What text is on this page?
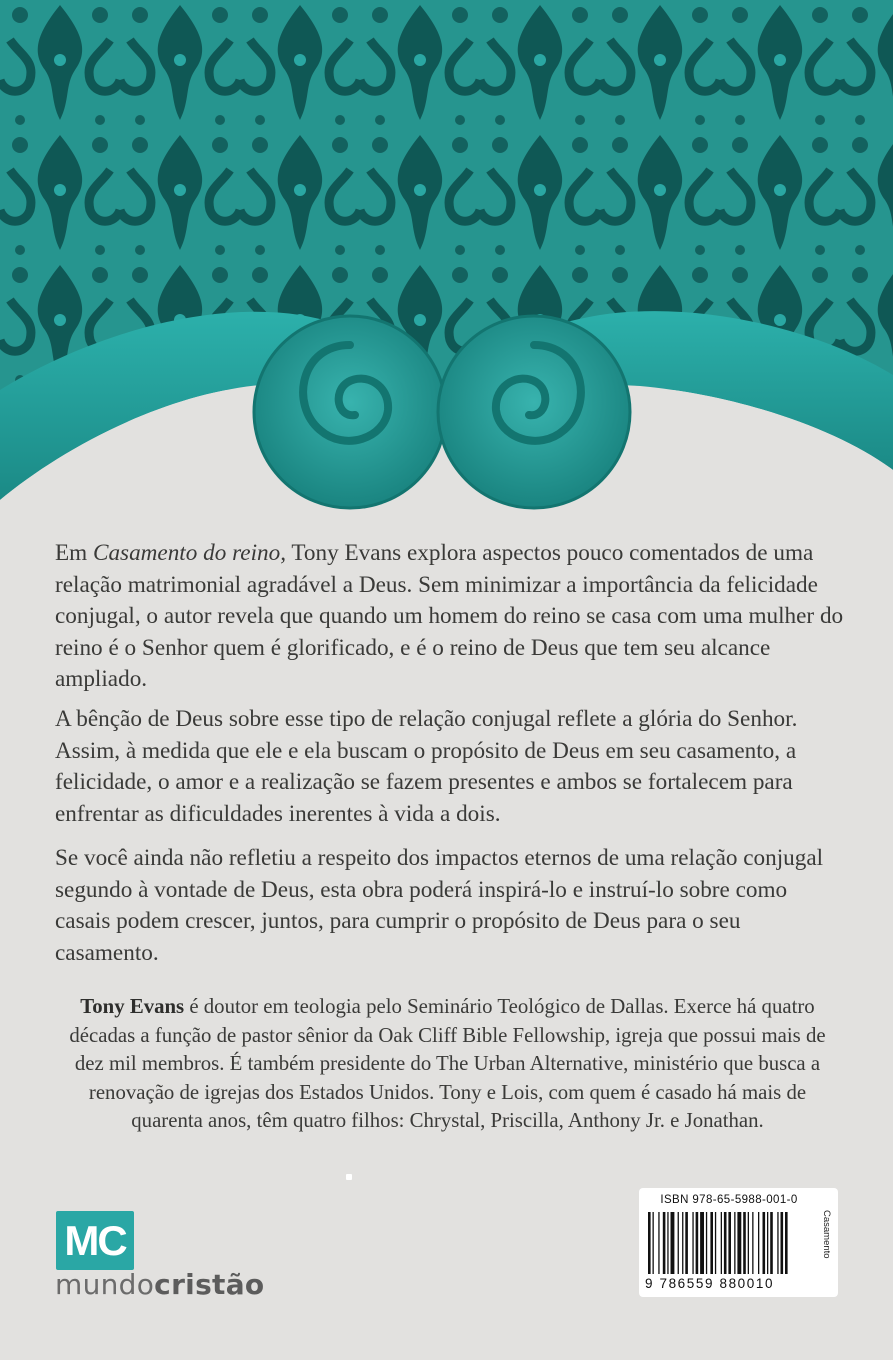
Em Casamento do reino, Tony Evans explora aspectos pouco comentados de uma relação matrimonial agradável a Deus. Sem minimizar a importância da felicidade conjugal, o autor revela que quando um homem do reino se casa com uma mulher do reino é o Senhor quem é glorificado, e é o reino de Deus que tem seu alcance ampliado.

A bênção de Deus sobre esse tipo de relação conjugal reflete a glória do Senhor. Assim, à medida que ele e ela buscam o propósito de Deus em seu casamento, a felicidade, o amor e a realização se fazem presentes e ambos se fortalecem para enfrentar as dificuldades inerentes à vida a dois.

Se você ainda não refletiu a respeito dos impactos eternos de uma relação conjugal segundo à vontade de Deus, esta obra poderá inspirá-lo e instruí-lo sobre como casais podem crescer, juntos, para cumprir o propósito de Deus para o seu casamento.

Tony Evans é doutor em teologia pelo Seminário Teológico de Dallas. Exerce há quatro décadas a função de pastor sênior da Oak Cliff Bible Fellowship, igreja que possui mais de dez mil membros. É também presidente do The Urban Alternative, ministério que busca a renovação de igrejas dos Estados Unidos. Tony e Lois, com quem é casado há mais de quarenta anos, têm quatro filhos: Chrystal, Priscilla, Anthony Jr. e Jonathan.

MC
mundocristão
ISBN 978-65-5988-001-0
9 786559 880010
Casamento
